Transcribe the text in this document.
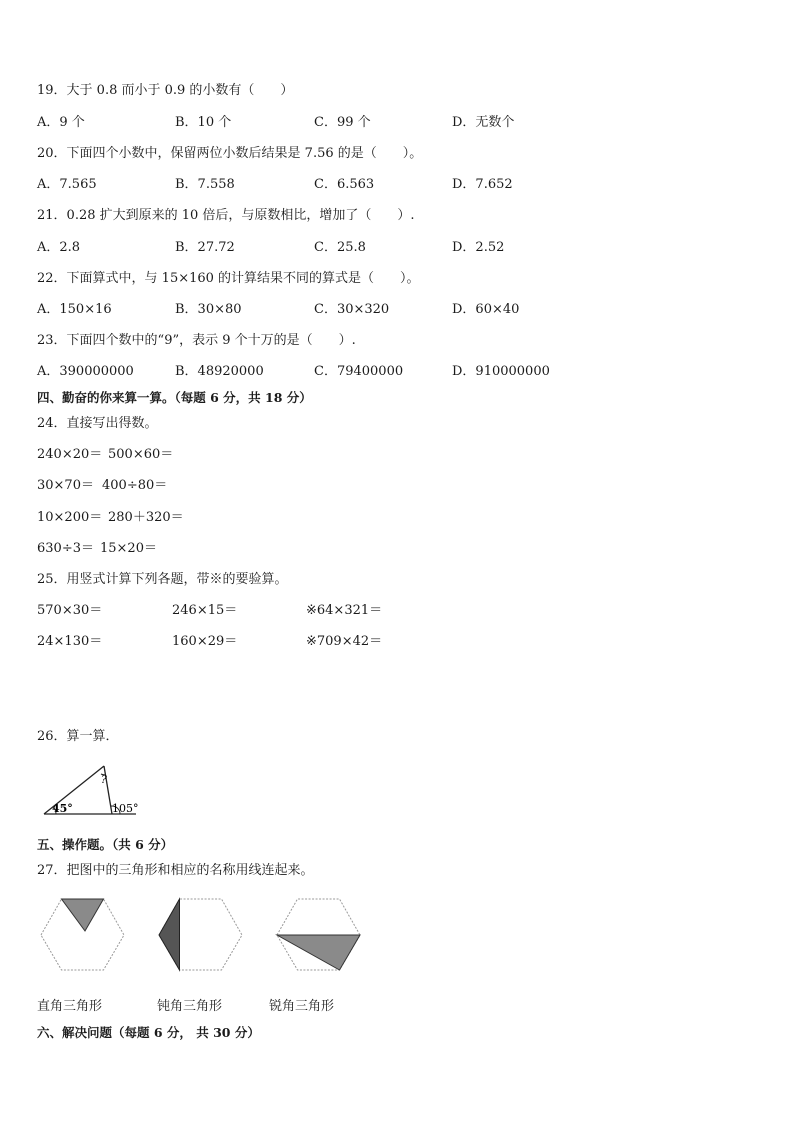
19．大于 0.8 而小于 0.9 的小数有（　　）
A．9 个	B．10 个	C．99 个	D．无数个
20．下面四个小数中，保留两位小数后结果是 7.56 的是（　　）。
A．7.565	B．7.558	C．6.563	D．7.652
21．0.28 扩大到原来的 10 倍后，与原数相比，增加了（　　）.
A．2.8	B．27.72	C．25.8	D．2.52
22．下面算式中，与 15×160 的计算结果不同的算式是（　　）。
A．150×16	B．30×80	C．30×320	D．60×40
23．下面四个数中的“9”，表示 9 个十万的是（　　）.
A．390000000	B．48920000	C．79400000	D．910000000
四、勤奋的你来算一算。（每题 6 分，共 18 分）
24．直接写出得数。
240×20＝ 500×60＝
30×70＝ 400÷80＝
10×200＝ 280＋320＝
630÷3＝ 15×20＝
25．用竖式计算下列各题，带※的要验算。
570×30＝	246×15＝	※64×321＝
24×130＝	160×29＝	※709×42＝
26．算一算．
45°	105°
?
五、操作题。（共 6 分）
27．把图中的三角形和相应的名称用线连起来。
直角三角形	钝角三角形	锐角三角形
六、解决问题（每题 6 分， 共 30 分）
